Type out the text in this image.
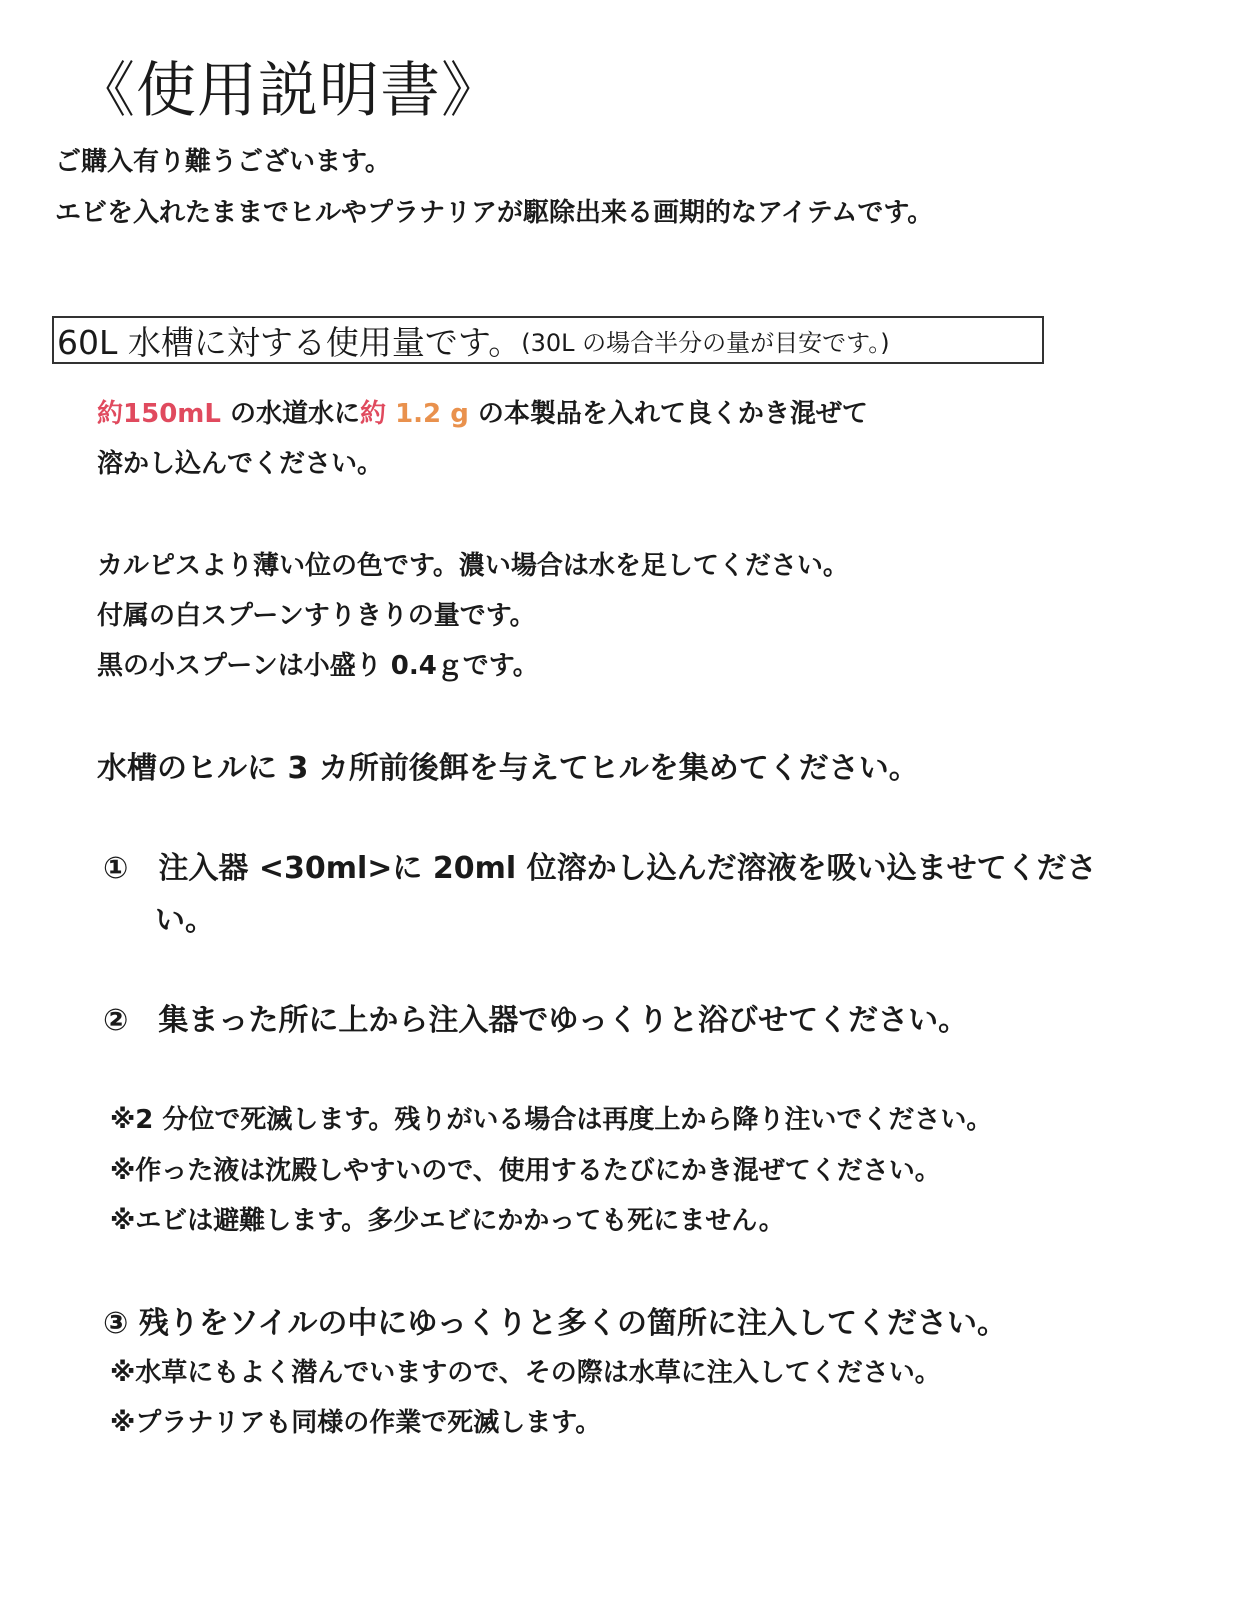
《使用説明書》
ご購入有り難うございます。
エビを入れたままでヒルやプラナリアが駆除出来る画期的なアイテムです。
60L 水槽に対する使用量です。 (30L の場合半分の量が目安です。)
約150mL の水道水に約 1.2 g の本製品を入れて良くかき混ぜて
溶かし込んでください。
カルピスより薄い位の色です。濃い場合は水を足してください。
付属の白スプーンすりきりの量です。
黒の小スプーンは小盛り 0.4ｇです。
水槽のヒルに 3 カ所前後餌を与えてヒルを集めてください。
①　注入器 <30ml>に 20ml 位溶かし込んだ溶液を吸い込ませてくださ
い。
②　集まった所に上から注入器でゆっくりと浴びせてください。
※2 分位で死滅します。残りがいる場合は再度上から降り注いでください。
※作った液は沈殿しやすいので、使用するたびにかき混ぜてください。
※エビは避難します。多少エビにかかっても死にません。
③ 残りをソイルの中にゆっくりと多くの箇所に注入してください。
※水草にもよく潜んでいますので、その際は水草に注入してください。
※プラナリアも同様の作業で死滅します。
